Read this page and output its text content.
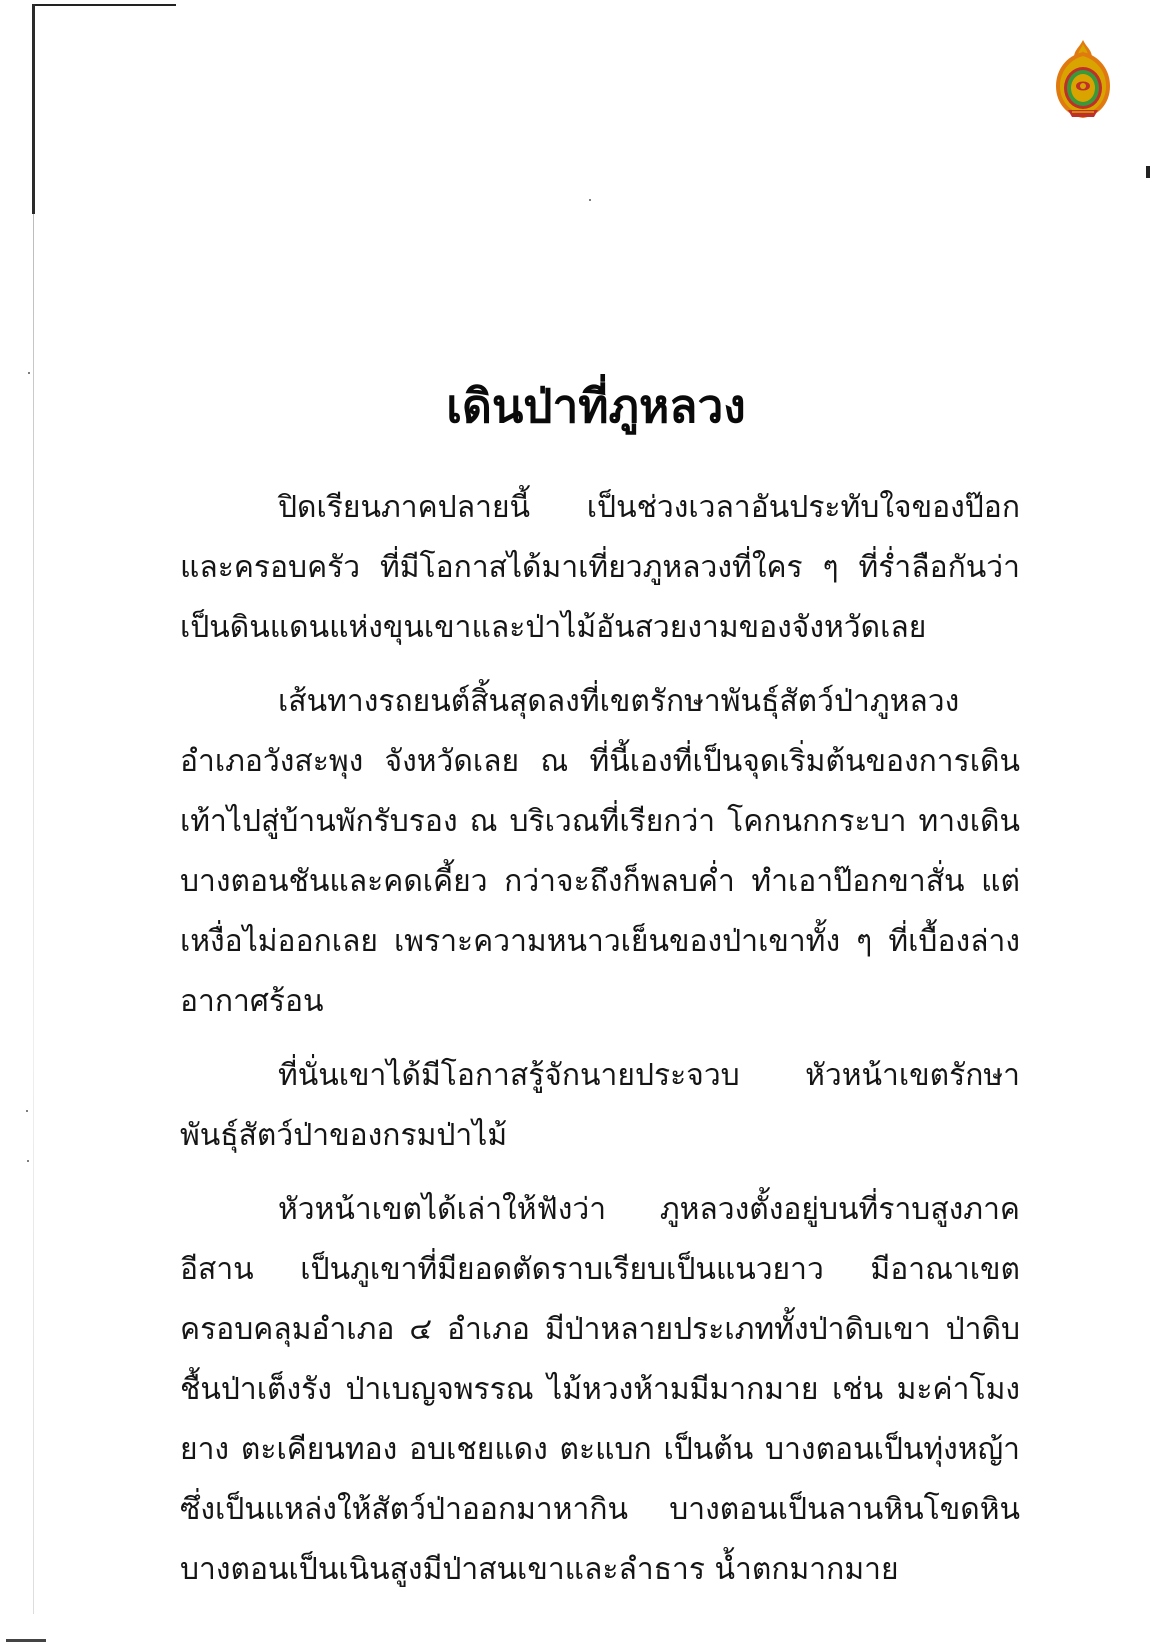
เดินป่าที่ภูหลวง

ปิดเรียนภาคปลายนี้ เป็นช่วงเวลาอันประทับใจของป๊อกและครอบครัว ที่มีโอกาสได้มาเที่ยวภูหลวงที่ใคร ๆ ที่ร่ำลือกันว่า เป็นดินแดนแห่งขุนเขาและป่าไม้อันสวยงามของจังหวัดเลย

เส้นทางรถยนต์สิ้นสุดลงที่เขตรักษาพันธุ์สัตว์ป่าภูหลวง อำเภอวังสะพุง จังหวัดเลย ณ ที่นี้เองที่เป็นจุดเริ่มต้นของการเดินเท้าไปสู่บ้านพักรับรอง ณ บริเวณที่เรียกว่า โคกนกกระบา ทางเดินบางตอนชันและคดเคี้ยว กว่าจะถึงก็พลบค่ำ ทำเอาป๊อกขาสั่น แต่เหงื่อไม่ออกเลย เพราะความหนาวเย็นของป่าเขาทั้ง ๆ ที่เบื้องล่างอากาศร้อน

ที่นั่นเขาได้มีโอกาสรู้จักนายประจวบ หัวหน้าเขตรักษาพันธุ์สัตว์ป่าของกรมป่าไม้

หัวหน้าเขตได้เล่าให้ฟังว่า ภูหลวงตั้งอยู่บนที่ราบสูงภาคอีสาน เป็นภูเขาที่มียอดตัดราบเรียบเป็นแนวยาว มีอาณาเขตครอบคลุมอำเภอ ๔ อำเภอ มีป่าหลายประเภททั้งป่าดิบเขา ป่าดิบชื้นป่าเต็งรัง ป่าเบญจพรรณ ไม้หวงห้ามมีมากมาย เช่น มะค่าโมงยาง ตะเคียนทอง อบเชยแดง ตะแบก เป็นต้น บางตอนเป็นทุ่งหญ้าซึ่งเป็นแหล่งให้สัตว์ป่าออกมาหากิน บางตอนเป็นลานหินโขดหิน บางตอนเป็นเนินสูงมีป่าสนเขาและลำธาร น้ำตกมากมาย
